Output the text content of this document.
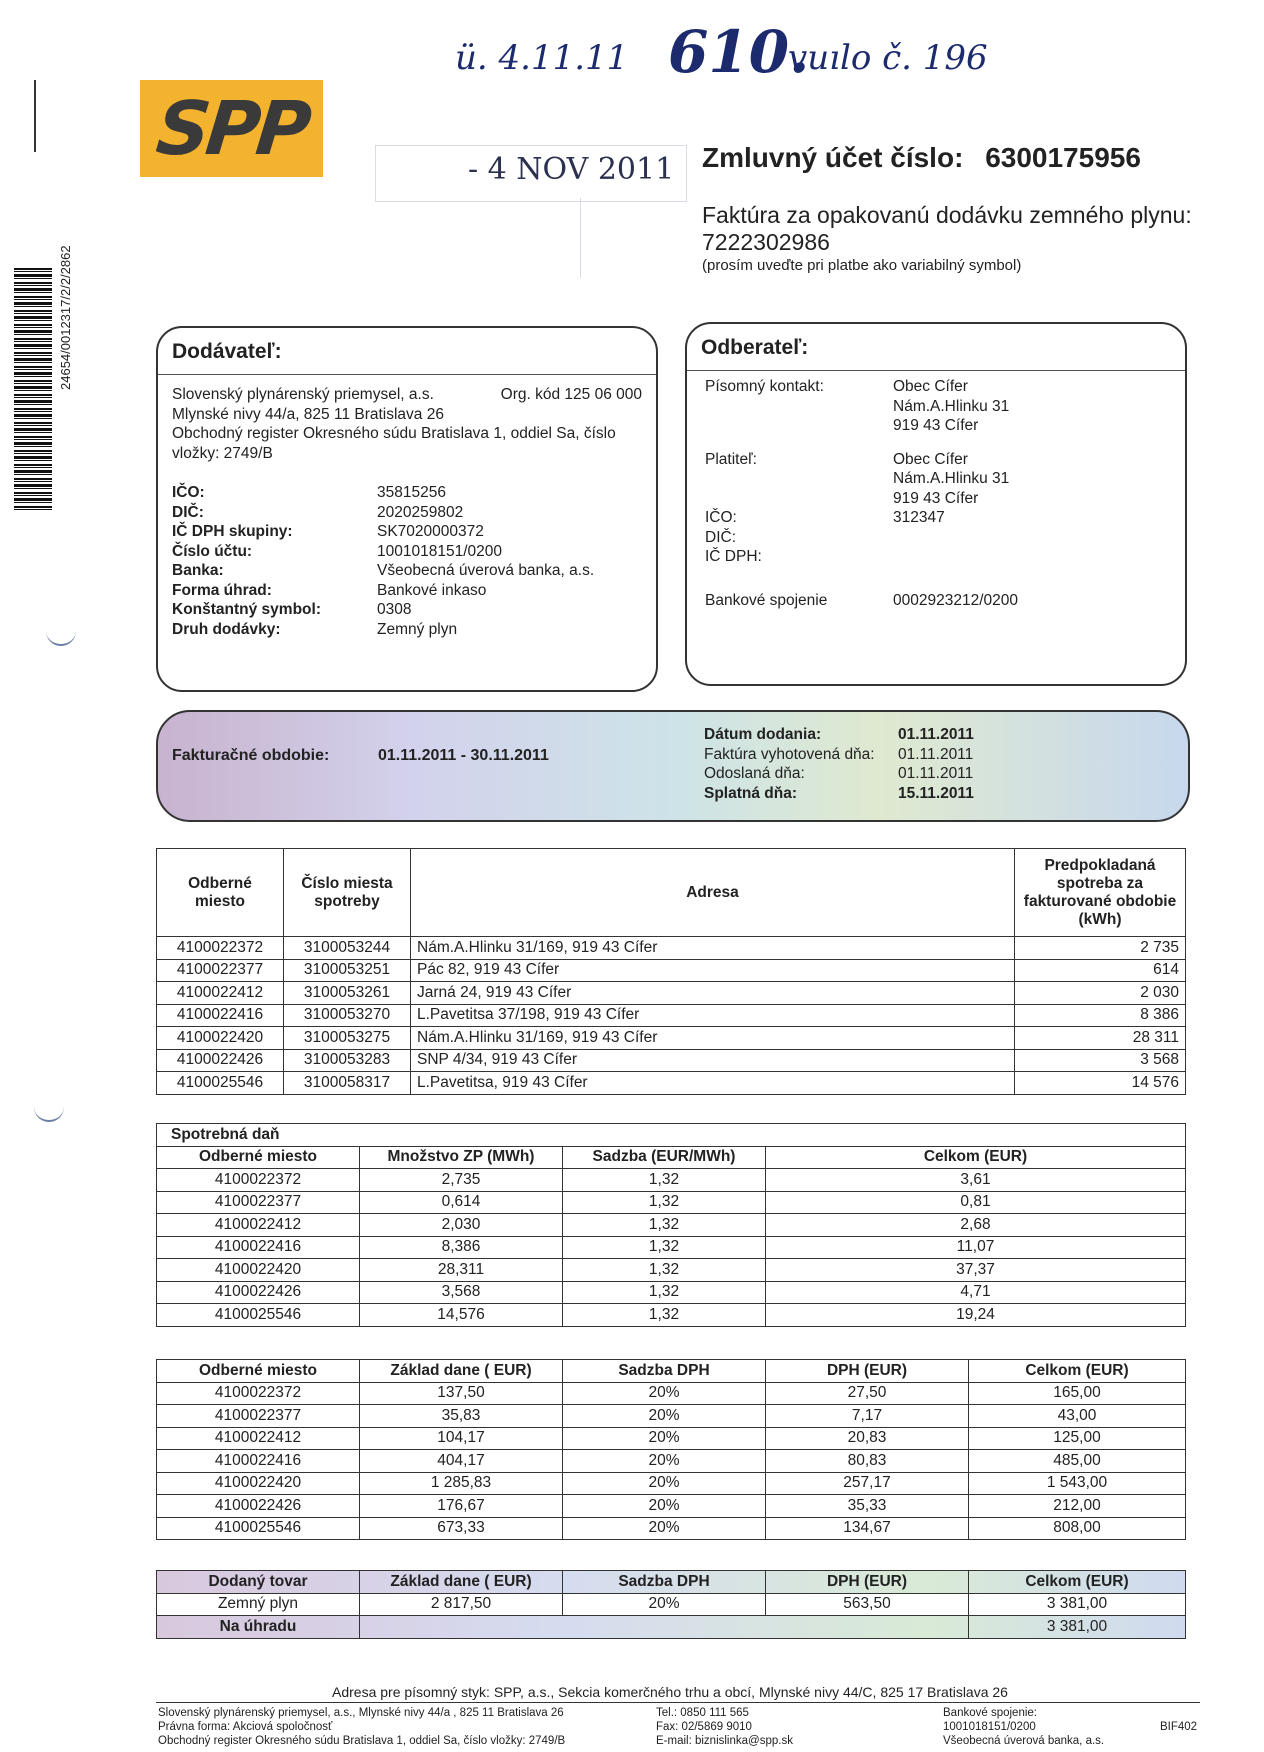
ü. 4.11.11 610.
vuılo č. 196
24654/0012317/2/2/2862
SPP	- 4 NOV 2011 Zmluvný účet číslo: 6300175956
Faktúra za opakovanú dodávku zemného plynu:
7222302986
(prosím uveďte pri platbe ako variabilný symbol)
Dodávateľ:
Slovenský plynárenský priemysel, a.s.	Org. kód 125 06 000
Mlynské nivy 44/a, 825 11 Bratislava 26
Obchodný register Okresného súdu Bratislava 1, oddiel Sa, číslo
vložky: 2749/B
IČO:	35815256
DIČ:	2020259802
IČ DPH skupiny:	SK7020000372
Číslo účtu:	1001018151/0200
Banka:	Všeobecná úverová banka, a.s.
Forma úhrad:	Bankové inkaso
Konštantný symbol:	0308
Druh dodávky:	Zemný plyn
Odberateľ:
Písomný kontakt:	Obec Cífer
Nám.A.Hlinku 31
919 43 Cífer
Platiteľ:	Obec Cífer
Nám.A.Hlinku 31
919 43 Cífer
IČO:	312347
DIČ:
IČ DPH:
Bankové spojenie	0002923212/0200
Fakturačné obdobie:	01.11.2011 - 30.11.2011
Dátum dodania:	01.11.2011
Faktúra vyhotovená dňa:	01.11.2011
Odoslaná dňa:	01.11.2011
Splatná dňa:	15.11.2011
Odberné miesto	Číslo miesta spotreby	Adresa	Predpokladaná spotreba za fakturované obdobie (kWh)
4100022372	3100053244	Nám.A.Hlinku 31/169, 919 43 Cífer	2 735
4100022377	3100053251	Pác 82, 919 43 Cífer	614
4100022412	3100053261	Jarná 24, 919 43 Cífer	2 030
4100022416	3100053270	L.Pavetitsa 37/198, 919 43 Cífer	8 386
4100022420	3100053275	Nám.A.Hlinku 31/169, 919 43 Cífer	28 311
4100022426	3100053283	SNP 4/34, 919 43 Cífer	3 568
4100025546	3100058317	L.Pavetitsa, 919 43 Cífer	14 576
Spotrebná daň			
Odberné miesto	Množstvo ZP (MWh)	Sadzba (EUR/MWh)	Celkom (EUR)
4100022372	2,735	1,32	3,61
4100022377	0,614	1,32	0,81
4100022412	2,030	1,32	2,68
4100022416	8,386	1,32	11,07
4100022420	28,311	1,32	37,37
4100022426	3,568	1,32	4,71
4100025546	14,576	1,32	19,24
Odberné miesto	Základ dane ( EUR)	Sadzba DPH	DPH (EUR)	Celkom (EUR)
4100022372	137,50	20%	27,50	165,00
4100022377	35,83	20%	7,17	43,00
4100022412	104,17	20%	20,83	125,00
4100022416	404,17	20%	80,83	485,00
4100022420	1 285,83	20%	257,17	1 543,00
4100022426	176,67	20%	35,33	212,00
4100025546	673,33	20%	134,67	808,00
Dodaný tovar	Základ dane ( EUR)	Sadzba DPH	DPH (EUR)	Celkom (EUR)
Zemný plyn	2 817,50	20%	563,50	3 381,00
Na úhradu				3 381,00
Adresa pre písomný styk: SPP, a.s., Sekcia komerčného trhu a obcí, Mlynské nivy 44/C, 825 17 Bratislava 26
Slovenský plynárenský priemysel, a.s., Mlynské nivy 44/a , 825 11 Bratislava 26
Právna forma: Akciová spoločnosť
Obchodný register Okresného súdu Bratislava 1, oddiel Sa, číslo vložky: 2749/B
Tel.: 0850 111 565
Fax: 02/5869 9010
E-mail: biznislinka@spp.sk
Bankové spojenie:
1001018151/0200
Všeobecná úverová banka, a.s.
BIF402
